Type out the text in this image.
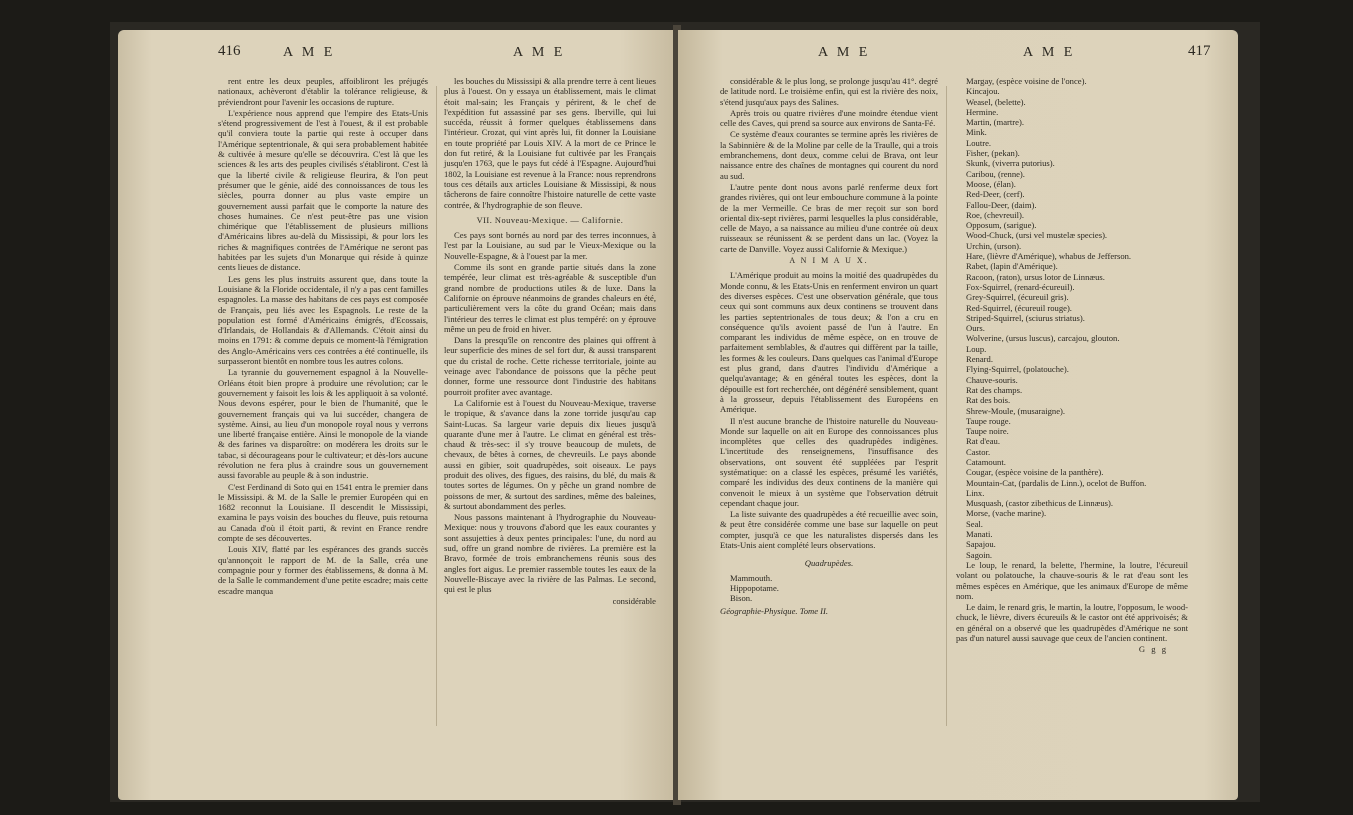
416	A M E	A M E

rent entre les deux peuples, affoibliront les préjugés nationaux, achèveront d'établir la tolérance religieuse, & préviendront pour l'avenir les occasions de rupture.

L'expérience nous apprend que l'empire des Etats-Unis s'étend progressivement de l'est à l'ouest, & il est probable qu'il conviera toute la partie qui reste à occuper dans l'Amérique septentrionale, & qui sera probablement habitée & cultivée à mesure qu'elle se découvrira. C'est là que les sciences & les arts des peuples civilisés s'établiront. C'est là que la liberté civile & religieuse fleurira, & l'on peut présumer que le génie, aidé des connoissances de tous les siècles, pourra donner au plus vaste empire un gouvernement aussi parfait que le comporte la nature des choses humaines. Ce n'est peut-être pas une vision chimérique que l'établissement de plusieurs millions d'Américains libres au-delà du Mississipi, & pour lors les riches & magnifiques contrées de l'Amérique ne seront pas habitées par les sujets d'un Monarque qui réside à quinze cents lieues de distance.

Les gens les plus instruits assurent que, dans toute la Louisiane & la Floride occidentale, il n'y a pas cent familles espagnoles. La masse des habitans de ces pays est composée de Français, peu liés avec les Espagnols. Le reste de la population est formé d'Américains émigrés, d'Ecossais, d'Irlandais, de Hollandais & d'Allemands. C'étoit ainsi du moins en 1791: & comme depuis ce moment-là l'émigration des Anglo-Américains vers ces contrées a été continuelle, ils surpasseront bientôt en nombre tous les autres colons.

La tyrannie du gouvernement espagnol à la Nouvelle-Orléans étoit bien propre à produire une révolution; car le gouvernement y faisoit les lois & les appliquoit à sa volonté. Nous devons espérer, pour le bien de l'humanité, que le gouvernement français qui va lui succéder, changera de système. Ainsi, au lieu d'un monopole royal nous y verrons une liberté française entière. Ainsi le monopole de la viande & des farines va disparoître: on modérera les droits sur le tabac, si décourageans pour le cultivateur; et dès-lors aucune révolution ne fera plus à craindre sous un gouvernement aussi favorable au peuple & à son industrie.

C'est Ferdinand di Soto qui en 1541 entra le premier dans le Mississipi. & M. de la Salle le premier Européen qui en 1682 reconnut la Louisiane. Il descendit le Mississipi, examina le pays voisin des bouches du fleuve, puis retourna au Canada d'où il étoit parti, & revint en France rendre compte de ses découvertes.

Louis XIV, flatté par les espérances des grands succès qu'annonçoit le rapport de M. de la Salle, créa une compagnie pour y former des établissemens, & donna à M. de la Salle le commandement d'une petite escadre; mais cette escadre manqua

les bouches du Mississipi & alla prendre terre à cent lieues plus à l'ouest. On y essaya un établissement, mais le climat étoit mal-sain; les Français y périrent, & le chef de l'expédition fut assassiné par ses gens. Iberville, qui lui succéda, réussit à former quelques établissemens dans l'intérieur. Crozat, qui vint après lui, fit donner la Louisiane en toute propriété par Louis XIV. A la mort de ce Prince le don fut retiré, & la Louisiane fut cultivée par les Français jusqu'en 1763, que le pays fut cédé à l'Espagne. Aujourd'hui 1802, la Louisiane est revenue à la France: nous reprendrons tous ces détails aux articles Louisiane & Mississipi, & nous tâcherons de faire connoître l'histoire naturelle de cette vaste contrée, & l'hydrographie de son fleuve.

VII. Nouveau-Mexique. — Californie.

Ces pays sont bornés au nord par des terres inconnues, à l'est par la Louisiane, au sud par le Vieux-Mexique ou la Nouvelle-Espagne, & à l'ouest par la mer.

Comme ils sont en grande partie situés dans la zone tempérée, leur climat est très-agréable & susceptible d'un grand nombre de productions utiles & de luxe. Dans la Californie on éprouve néanmoins de grandes chaleurs en été, particulièrement vers la côte du grand Océan; mais dans l'intérieur des terres le climat est plus tempéré: on y éprouve même un peu de froid en hiver.

Dans la presqu'île on rencontre des plaines qui offrent à leur superficie des mines de sel fort dur, & aussi transparent que du cristal de roche. Cette richesse territoriale, jointe au veinage avec l'abondance de poissons que la pêche peut donner, forme une ressource dont l'industrie des habitans pourroit profiter avec avantage.

La Californie est à l'ouest du Nouveau-Mexique, traverse le tropique, & s'avance dans la zone torride jusqu'au cap Saint-Lucas. Sa largeur varie depuis dix lieues jusqu'à quarante d'une mer à l'autre. Le climat en général est très-chaud & très-sec: il s'y trouve beaucoup de mulets, de chevaux, de bêtes à cornes, de chevreuils. Le pays abonde aussi en gibier, soit quadrupèdes, soit oiseaux. Le pays produit des olives, des figues, des raisins, du blé, du maïs & toutes sortes de légumes. On y pêche un grand nombre de poissons de mer, & surtout des sardines, même des baleines, & surtout abondamment des perles.

Nous passons maintenant à l'hydrographie du Nouveau-Mexique: nous y trouvons d'abord que les eaux courantes y sont assujetties à deux pentes principales: l'une, du nord au sud, offre un grand nombre de rivières. La première est la Bravo, formée de trois embranchemens réunis sous des angles fort aigus. Le premier rassemble toutes les eaux de la Nouvelle-Biscaye avec la rivière de las Palmas. Le second, qui est le plus

considérable
A M E	A M E	417

considérable & le plus long, se prolonge jusqu'au 41°. degré de latitude nord. Le troisième enfin, qui est la rivière des noix, s'étend jusqu'aux pays des Salines.

Après trois ou quatre rivières d'une moindre étendue vient celle des Caves, qui prend sa source aux environs de Santa-Fé.

Ce système d'eaux courantes se termine après les rivières de la Sabinnière & de la Moline par celle de la Traulle, qui a trois embranchemens, dont deux, comme celui de Brava, ont leur naissance entre des chaînes de montagnes qui courent du nord au sud.

L'autre pente dont nous avons parlé renferme deux fort grandes rivières, qui ont leur embouchure commune à la pointe de la mer Vermeille. Ce bras de mer reçoit sur son bord oriental dix-sept rivières, parmi lesquelles la plus considérable, celle de Mayo, a sa naissance au milieu d'une contrée où deux ruisseaux se réunissent & se perdent dans un lac. (Voyez la carte de Danville. Voyez aussi Californie & Mexique.)

A N I M A U X.

L'Amérique produit au moins la moitié des quadrupèdes du Monde connu, & les Etats-Unis en renferment environ un quart des diverses espèces. C'est une observation générale, que tous ceux qui sont communs aux deux continens se trouvent dans les parties septentrionales de tous deux; & l'on a cru en conséquence qu'ils avoient passé de l'un à l'autre. En comparant les individus de même espèce, on en trouve de parfaitement semblables, & d'autres qui diffèrent par la taille, les formes & les couleurs. Dans quelques cas l'animal d'Europe est plus grand, dans d'autres l'individu d'Amérique a quelqu'avantage; & en général toutes les espèces, dont la dépouille est fort recherchée, ont dégénéré sensiblement, quant à la grosseur, depuis l'établissement des Européens en Amérique.

Il n'est aucune branche de l'histoire naturelle du Nouveau-Monde sur laquelle on ait en Europe des connoissances plus incomplètes que celles des quadrupèdes indigènes. L'incertitude des renseignemens, l'insuffisance des observations, ont souvent été suppléées par l'esprit systématique: on a classé les espèces, présumé les variétés, comparé les individus des deux continens de la manière qui convenoit le mieux à un système que l'observation détruit cependant chaque jour.

La liste suivante des quadrupèdes a été recueillie avec soin, & peut être considérée comme une base sur laquelle on peut compter, jusqu'à ce que les naturalistes dispersés dans les Etats-Unis aient complété leurs observations.

Quadrupèdes.
Mammouth.
Hippopotame.
Bison.
Géographie-Physique. Tome II.
Margay, (espèce voisine de l'once).
Kincajou.
Weasel, (belette).
Hermine.
Martin, (martre).
Mink.
Loutre.
Fisher, (pekan).
Skunk, (viverra putorius).
Caribou, (renne).
Moose, (élan).
Red-Deer, (cerf).
Fallou-Deer, (daim).
Roe, (chevreuil).
Opposum, (sarigue).
Wood-Chuck, (ursi vel mustelæ species).
Urchin, (urson).
Hare, (lièvre d'Amérique), whabus de Jefferson.
Rabet, (lapin d'Amérique).
Racoon, (raton), ursus lotor de Linnæus.
Fox-Squirrel, (renard-écureuil).
Grey-Squirrel, (écureuil gris).
Red-Squirrel, (écureuil rouge).
Striped-Squirrel, (sciurus striatus).
Ours.
Wolverine, (ursus luscus), carcajou, glouton.
Loup.
Renard.
Flying-Squirrel, (polatouche).
Chauve-souris.
Rat des champs.
Rat des bois.
Shrew-Moule, (musaraigne).
Taupe rouge.
Taupe noire.
Rat d'eau.
Castor.
Catamount.
Cougar, (espèce voisine de la panthère).
Mountain-Cat, (pardalis de Linn.), ocelot de Buffon.
Linx.
Musquash, (castor zibethicus de Linnæus).
Morse, (vache marine).
Seal.
Manati.
Sapajou.
Sagoin.

Le loup, le renard, la belette, l'hermine, la loutre, l'écureuil volant ou polatouche, la chauve-souris & le rat d'eau sont les mêmes espèces en Amérique, que les animaux d'Europe de même nom.

Le daim, le renard gris, le martin, la loutre, l'opposum, le wood-chuck, le lièvre, divers écureuils & le castor ont été apprivoisés; & en général on a observé que les quadrupèdes d'Amérique ne sont pas d'un naturel aussi sauvage que ceux de l'ancien continent.

G g g
